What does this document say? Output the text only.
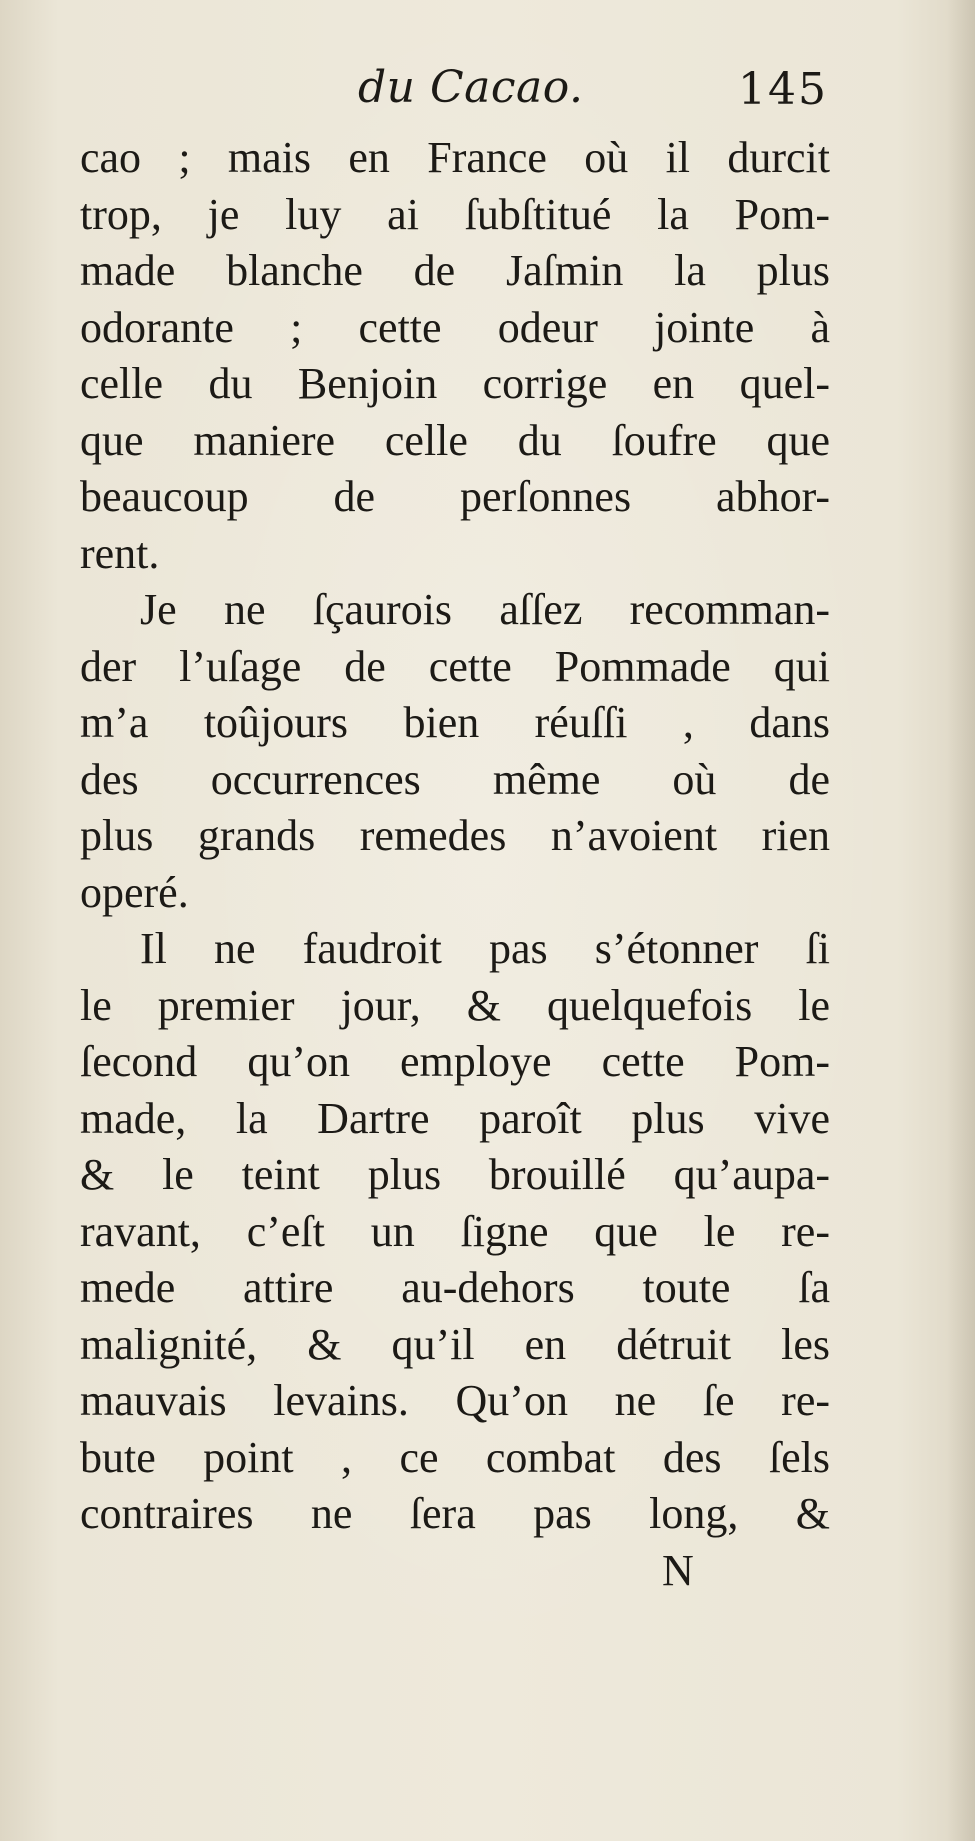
du Cacao.	145
cao ; mais en France où il durcit
trop, je luy ai ſubſtitué la Pom-
made blanche de Jaſmin la plus
odorante ; cette odeur jointe à
celle du Benjoin corrige en quel-
que maniere celle du ſoufre que
beaucoup de perſonnes abhor-
rent.
Je ne ſçaurois aſſez recomman-
der l’uſage de cette Pommade qui
m’a toûjours bien réuſſi , dans
des occurrences même où de
plus grands remedes n’avoient rien
operé.
Il ne faudroit pas s’étonner ſi
le premier jour, & quelquefois le
ſecond qu’on employe cette Pom-
made, la Dartre paroît plus vive
& le teint plus brouillé qu’aupa-
ravant, c’eſt un ſigne que le re-
mede attire au-dehors toute ſa
malignité, & qu’il en détruit les
mauvais levains. Qu’on ne ſe re-
bute point , ce combat des ſels
contraires ne ſera pas long, &
N
